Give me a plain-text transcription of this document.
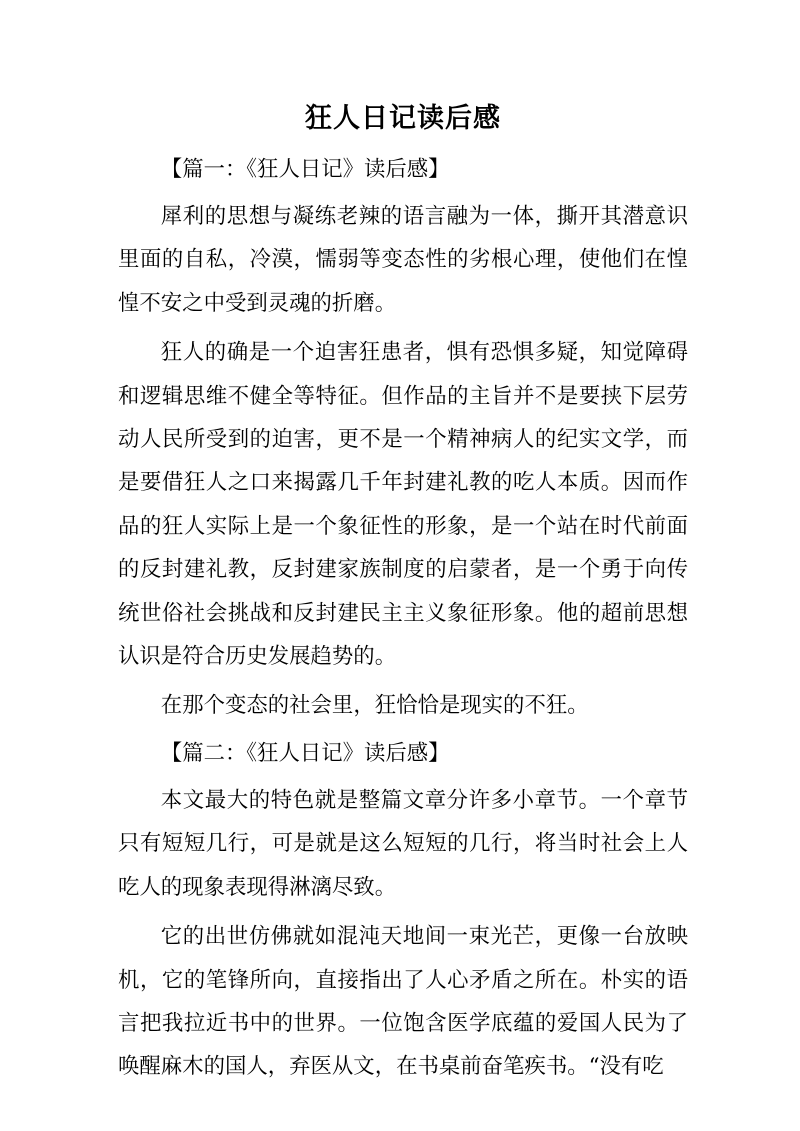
狂人日记读后感

【篇一：《狂人日记》读后感】

犀利的思想与凝练老辣的语言融为一体，撕开其潜意识里面的自私，冷漠，懦弱等变态性的劣根心理，使他们在惶惶不安之中受到灵魂的折磨。

狂人的确是一个迫害狂患者，惧有恐惧多疑，知觉障碍和逻辑思维不健全等特征。但作品的主旨并不是要挟下层劳动人民所受到的迫害，更不是一个精神病人的纪实文学，而是要借狂人之口来揭露几千年封建礼教的吃人本质。因而作品的狂人实际上是一个象征性的形象，是一个站在时代前面的反封建礼教，反封建家族制度的启蒙者，是一个勇于向传统世俗社会挑战和反封建民主主义象征形象。他的超前思想认识是符合历史发展趋势的。

在那个变态的社会里，狂恰恰是现实的不狂。

【篇二：《狂人日记》读后感】

本文最大的特色就是整篇文章分许多小章节。一个章节只有短短几行，可是就是这么短短的几行，将当时社会上人吃人的现象表现得淋漓尽致。

它的出世仿佛就如混沌天地间一束光芒，更像一台放映机，它的笔锋所向，直接指出了人心矛盾之所在。朴实的语言把我拉近书中的世界。一位饱含医学底蕴的爱国人民为了唤醒麻木的国人，弃医从文，在书桌前奋笔疾书。“没有吃
